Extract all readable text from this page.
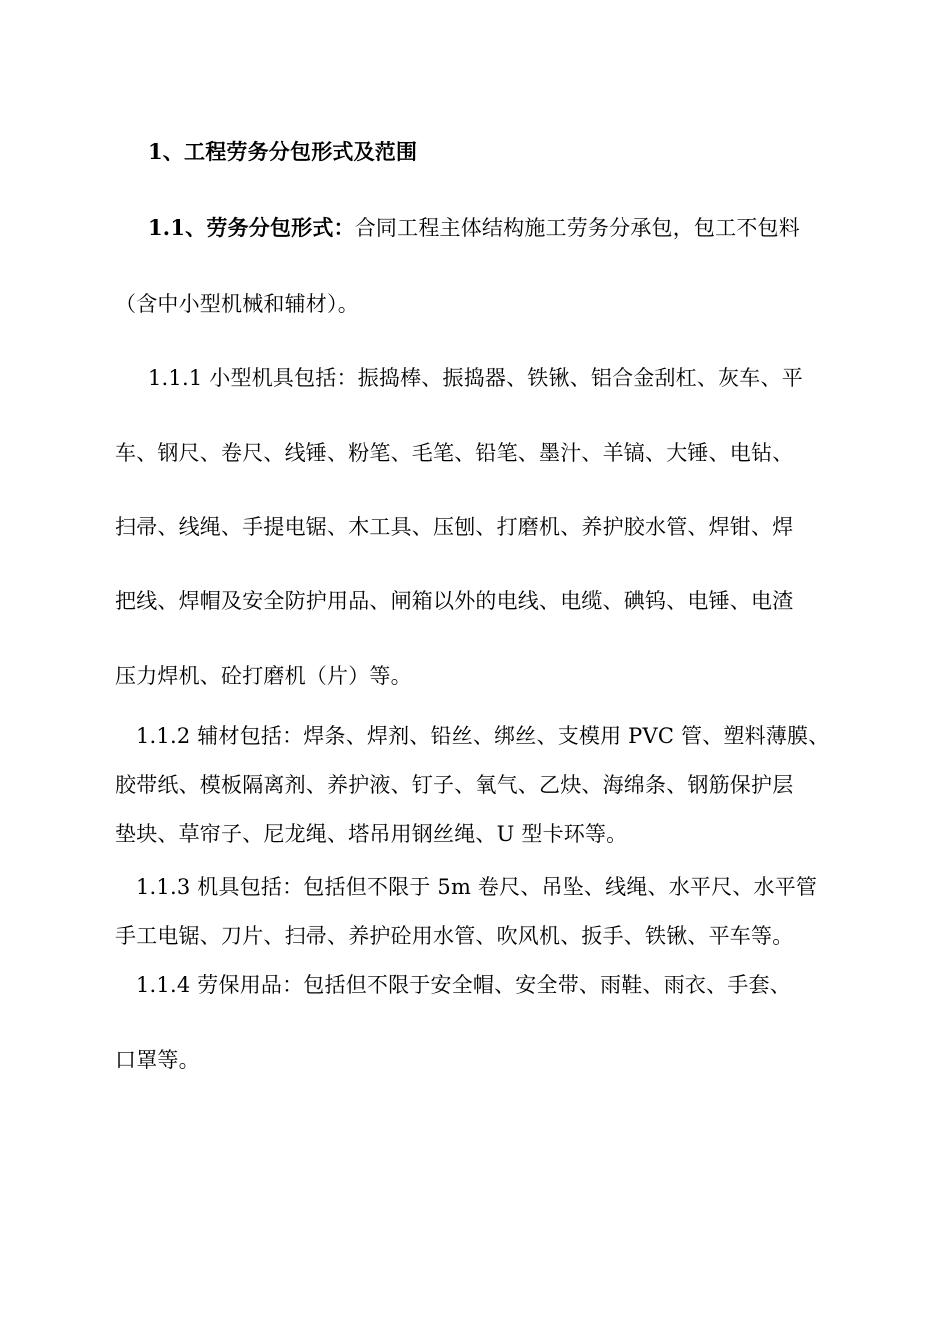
1、工程劳务分包形式及范围
1.1、劳务分包形式：合同工程主体结构施工劳务分承包，包工不包料
（含中小型机械和辅材）。
1.1.1 小型机具包括：振捣棒、振捣器、铁锹、铝合金刮杠、灰车、平
车、钢尺、卷尺、线锤、粉笔、毛笔、铅笔、墨汁、羊镐、大锤、电钻、
扫帚、线绳、手提电锯、木工具、压刨、打磨机、养护胶水管、焊钳、焊
把线、焊帽及安全防护用品、闸箱以外的电线、电缆、碘钨、电锤、电渣
压力焊机、砼打磨机（片）等。
1.1.2 辅材包括：焊条、焊剂、铅丝、绑丝、支模用 PVC 管、塑料薄膜、
胶带纸、模板隔离剂、养护液、钉子、氧气、乙炔、海绵条、钢筋保护层
垫块、草帘子、尼龙绳、塔吊用钢丝绳、U 型卡环等。
1.1.3 机具包括：包括但不限于 5m 卷尺、吊坠、线绳、水平尺、水平管
手工电锯、刀片、扫帚、养护砼用水管、吹风机、扳手、铁锹、平车等。
1.1.4 劳保用品：包括但不限于安全帽、安全带、雨鞋、雨衣、手套、
口罩等。
